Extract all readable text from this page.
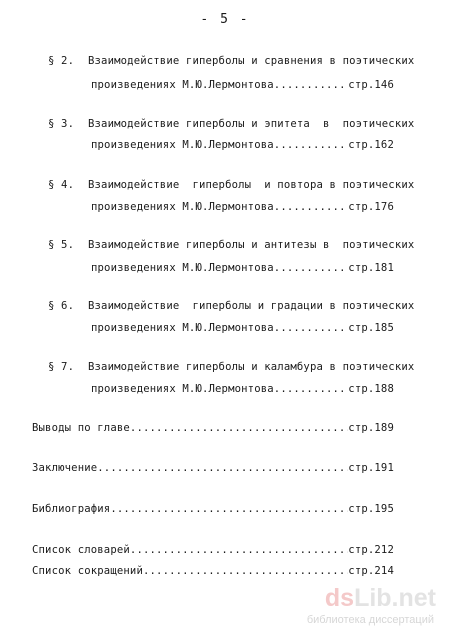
- 5 -
§ 2. Взаимодействие гиперболы и сравнения в поэтических
произведениях М.Ю.Лермонтова .....	стр.146
§ 3. Взаимодействие гиперболы и эпитета  в  поэтических
произведениях М.Ю.Лермонтова .....	стр.162
§ 4. Взаимодействие  гиперболы  и повтора в поэтических
произведениях М.Ю.Лермонтова .....	стр.176
§ 5. Взаимодействие гиперболы и антитезы в  поэтических
произведениях М.Ю.Лермонтова .....	стр.181
§ 6. Взаимодействие  гиперболы и градации в поэтических
произведениях М.Ю.Лермонтова .....	стр.185
§ 7. Взаимодействие гиперболы и каламбура в поэтических
произведениях М.Ю.Лермонтова .....	стр.188
Выводы по главе .....	стр.189
Заключение .....	стр.191
Библиография .....	стр.195
Список словарей .....	стр.212
Список сокращений .....	стр.214
dsLib.net
библиотека диссертаций
